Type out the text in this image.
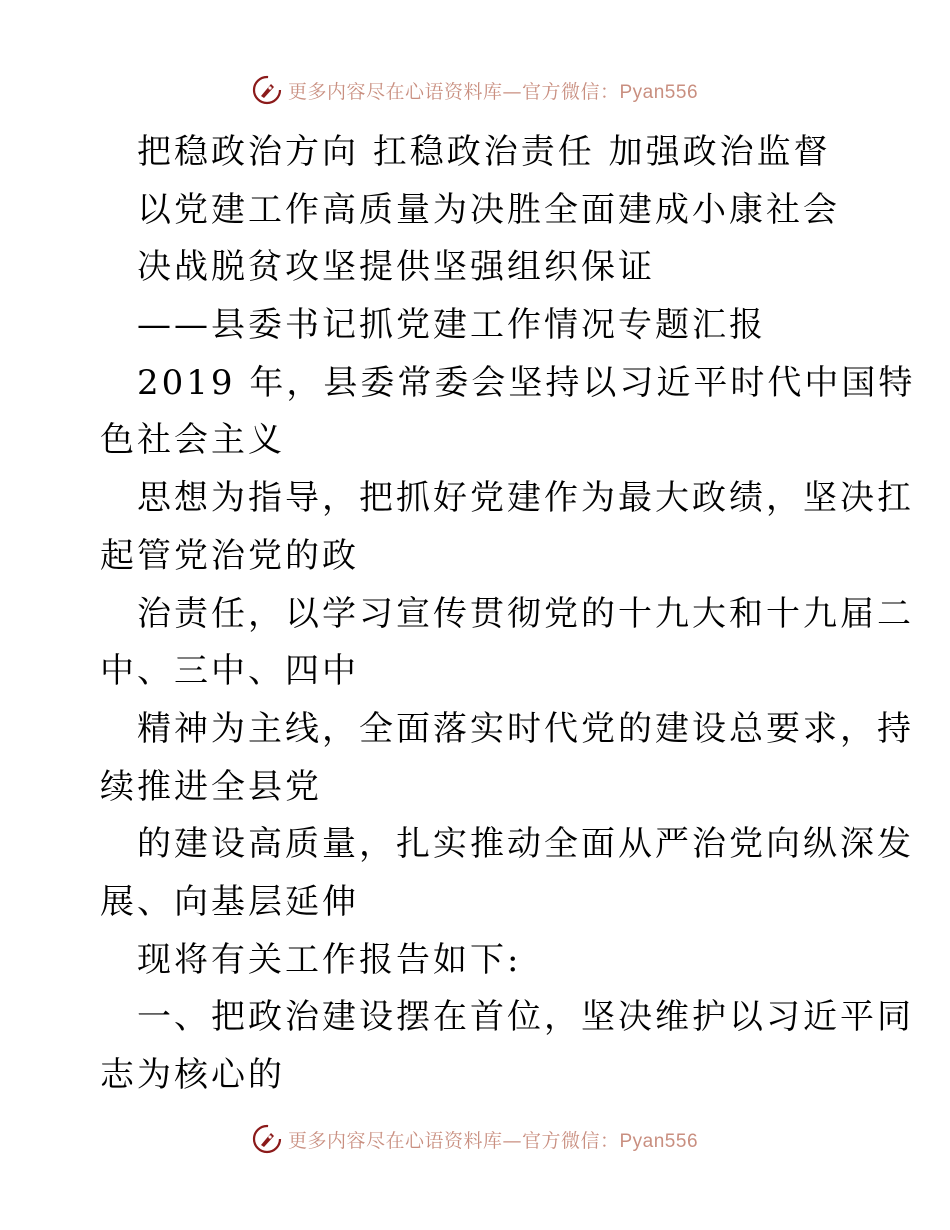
更多内容尽在心语资料库—官方微信：Pyan556
把稳政治方向 扛稳政治责任 加强政治监督
以党建工作高质量为决胜全面建成小康社会
决战脱贫攻坚提供坚强组织保证
——县委书记抓党建工作情况专题汇报
2019 年，县委常委会坚持以习近平时代中国特
色社会主义
思想为指导，把抓好党建作为最大政绩，坚决扛
起管党治党的政
治责任，以学习宣传贯彻党的十九大和十九届二
中、三中、四中
精神为主线，全面落实时代党的建设总要求，持
续推进全县党
的建设高质量，扎实推动全面从严治党向纵深发
展、向基层延伸
现将有关工作报告如下:
一、把政治建设摆在首位，坚决维护以习近平同
志为核心的
更多内容尽在心语资料库—官方微信：Pyan556
